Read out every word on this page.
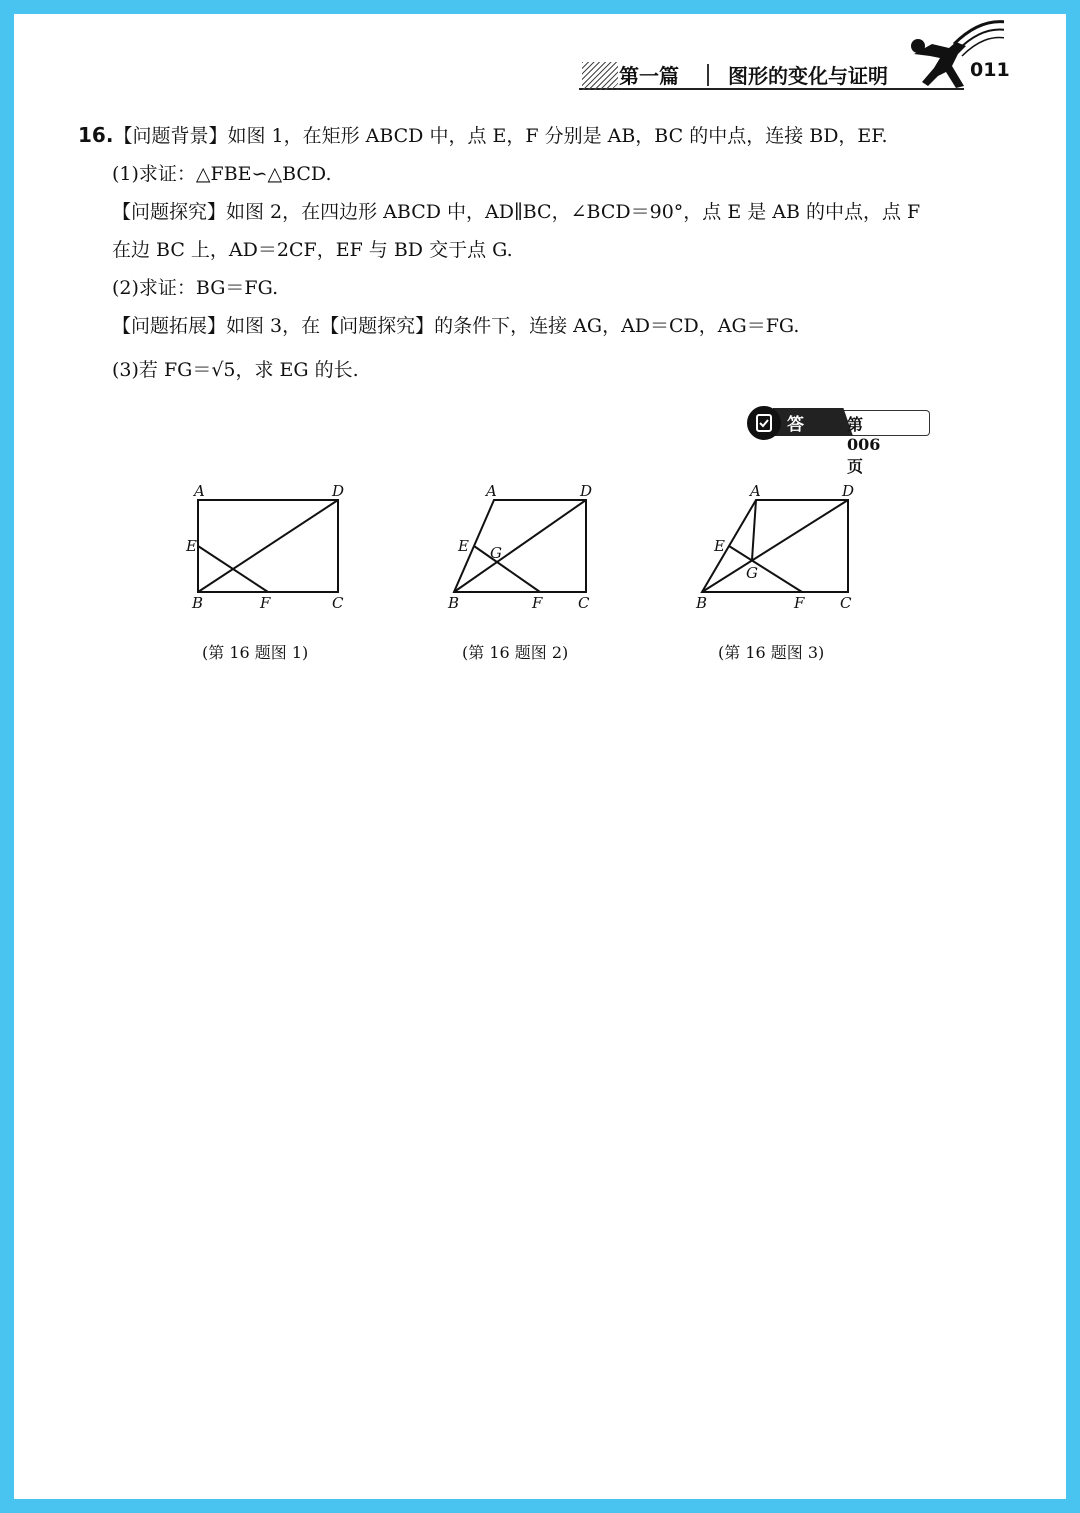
第一篇 图形的变化与证明	011

16.【问题背景】如图 1，在矩形 ABCD 中，点 E，F 分别是 AB，BC 的中点，连接 BD，EF.

(1)求证：△FBE∽△BCD.

【问题探究】如图 2，在四边形 ABCD 中，AD∥BC，∠BCD＝90°，点 E 是 AB 的中点，点 F

在边 BC 上，AD＝2CF，EF 与 BD 交于点 G.

(2)求证：BG＝FG.

【问题拓展】如图 3，在【问题探究】的条件下，连接 AG，AD＝CD，AG＝FG.

(3)若 FG＝√5，求 EG 的长.

答案
第 006 页
A	D
E
B	F	C
(第 16 题图 1)
A	D
E G
B	F C
(第 16 题图 2)
A	D
E
G
B	F C
(第 16 题图 3)
